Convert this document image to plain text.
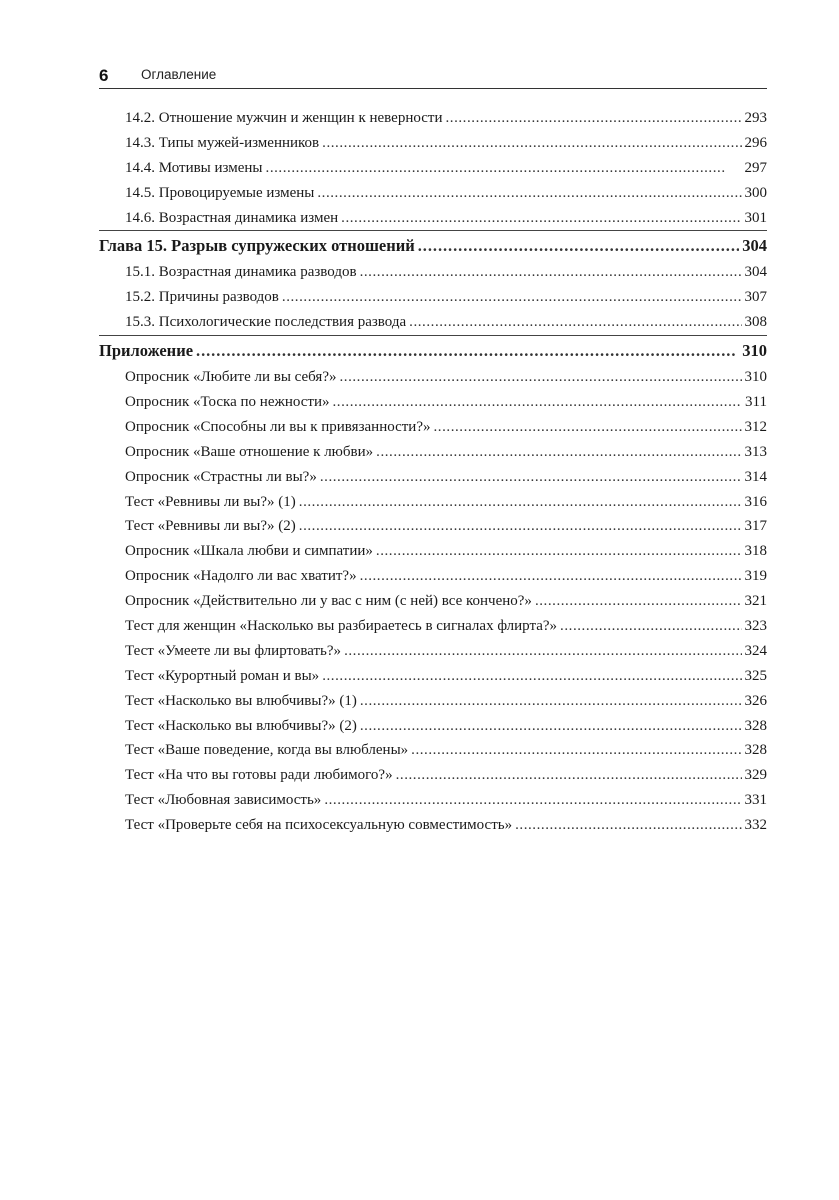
6 Оглавление
14.2. Отношение мужчин и женщин к неверности . . .	293
14.3. Типы мужей-изменников . . .	296
14.4. Мотивы измены . . .	297
14.5. Провоцируемые измены . . .	300
14.6. Возрастная динамика измен . . .	301
Глава 15. Разрыв супружеских отношений . . .	304
15.1. Возрастная динамика разводов . . .	304
15.2. Причины разводов . . .	307
15.3. Психологические последствия развода . . .	308
Приложение . . .	310
Опросник «Любите ли вы себя?» . . .	310
Опросник «Тоска по нежности» . . .	311
Опросник «Способны ли вы к привязанности?» . . .	312
Опросник «Ваше отношение к любви» . . .	313
Опросник «Страстны ли вы?» . . .	314
Тест «Ревнивы ли вы?» (1) . . .	316
Тест «Ревнивы ли вы?» (2) . . .	317
Опросник «Шкала любви и симпатии» . . .	318
Опросник «Надолго ли вас хватит?» . . .	319
Опросник «Действительно ли у вас с ним (с ней) все кончено?» . . .	321
Тест для женщин «Насколько вы разбираетесь в сигналах флирта?» . . .	323
Тест «Умеете ли вы флиртовать?» . . .	324
Тест «Курортный роман и вы» . . .	325
Тест «Насколько вы влюбчивы?» (1) . . .	326
Тест «Насколько вы влюбчивы?» (2) . . .	328
Тест «Ваше поведение, когда вы влюблены» . . .	328
Тест «На что вы готовы ради любимого?» . . .	329
Тест «Любовная зависимость» . . .	331
Тест «Проверьте себя на психосексуальную совместимость» . . .	332
